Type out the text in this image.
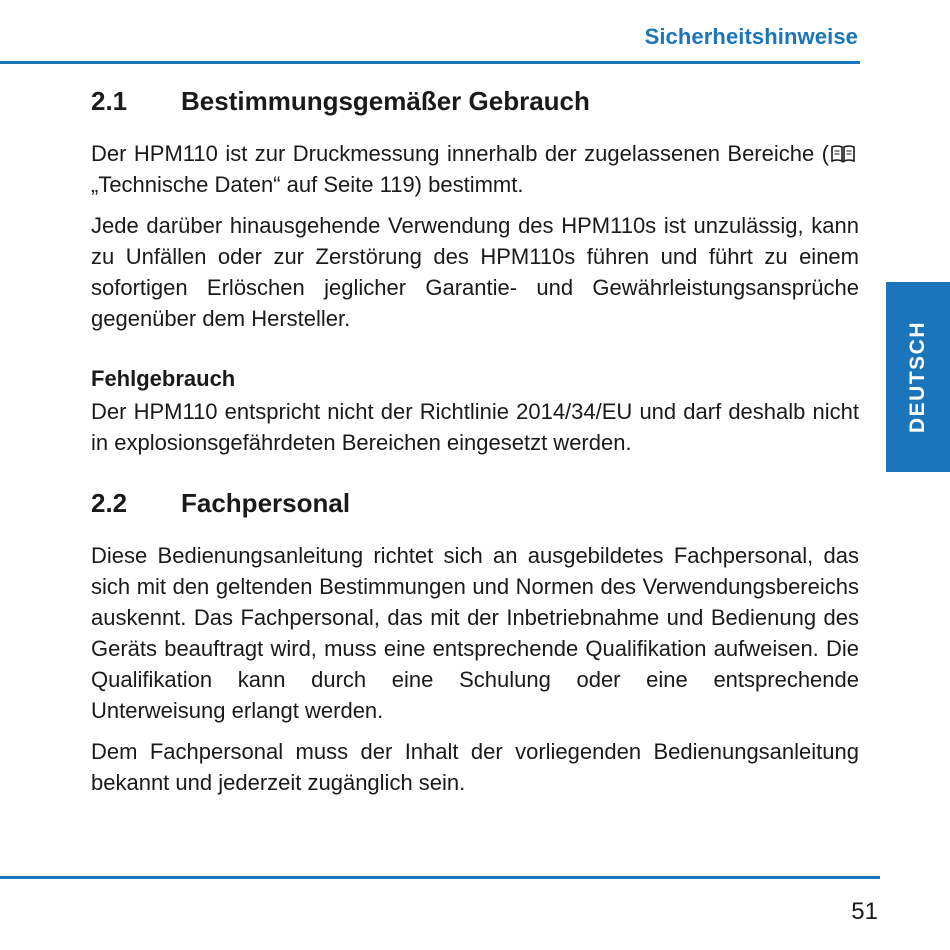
Sicherheitshinweise
DEUTSCH
2.1	Bestimmungsgemäßer Gebrauch

Der HPM110 ist zur Druckmessung innerhalb der zugelassenen Bereiche („Technische Daten“ auf Seite 119) bestimmt.

Jede darüber hinausgehende Verwendung des HPM110s ist unzulässig, kann zu Unfällen oder zur Zerstörung des HPM110s führen und führt zu einem sofortigen Erlöschen jeglicher Garantie- und Gewährleistungsansprüche gegenüber dem Hersteller.

Fehlgebrauch

Der HPM110 entspricht nicht der Richtlinie 2014/34/EU und darf deshalb nicht in explosionsgefährdeten Bereichen eingesetzt werden.

2.2	Fachpersonal

Diese Bedienungsanleitung richtet sich an ausgebildetes Fachpersonal, das sich mit den geltenden Bestimmungen und Normen des Verwendungsbereichs auskennt. Das Fachpersonal, das mit der Inbetriebnahme und Bedienung des Geräts beauftragt wird, muss eine entsprechende Qualifikation aufweisen. Die Qualifikation kann durch eine Schulung oder eine entsprechende Unterweisung erlangt werden.

Dem Fachpersonal muss der Inhalt der vorliegenden Bedienungsanleitung bekannt und jederzeit zugänglich sein.

51
